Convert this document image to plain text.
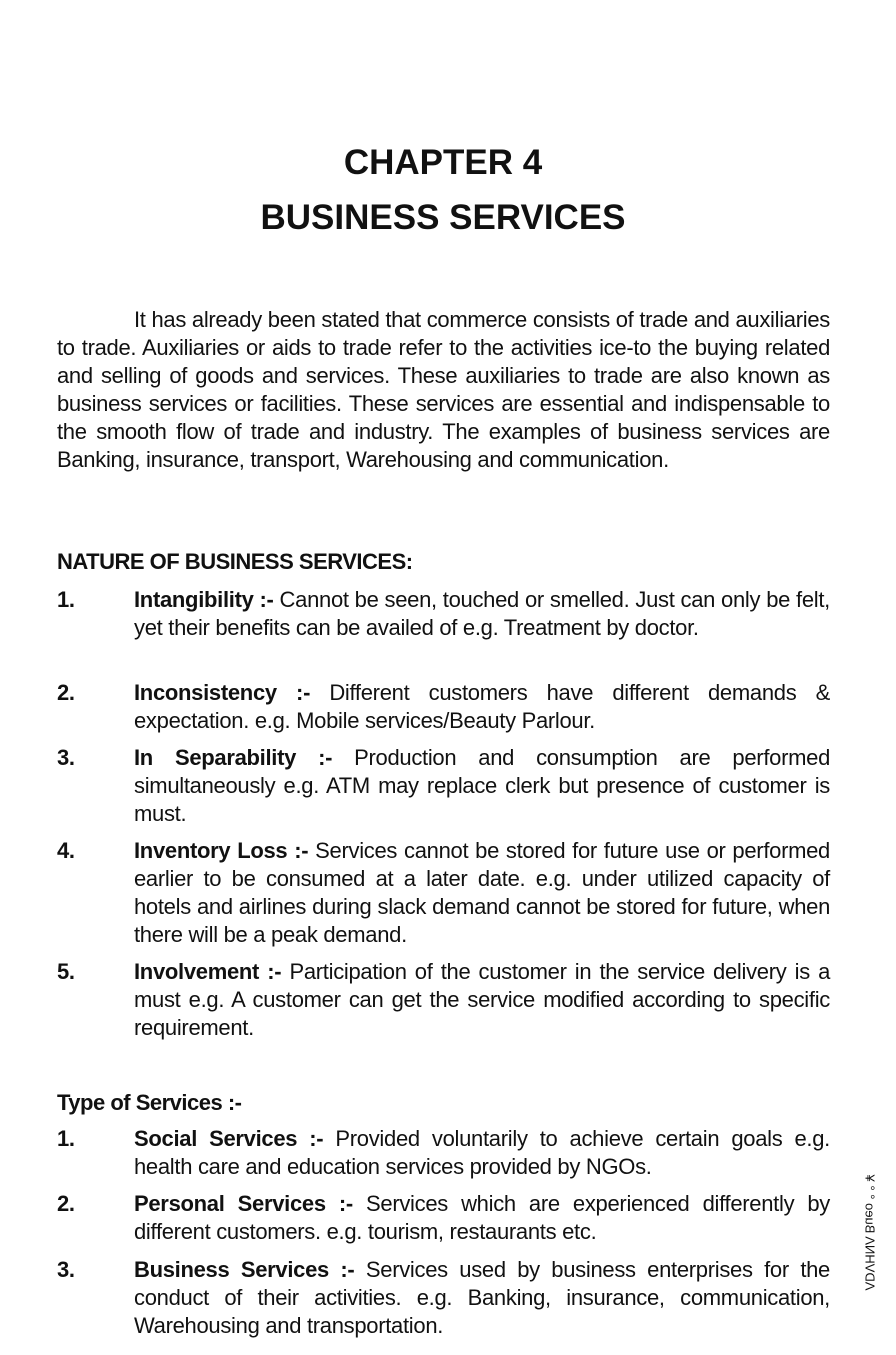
CHAPTER 4
BUSINESS SERVICES
It has already been stated that commerce consists of trade and auxiliaries to trade. Auxiliaries or aids to trade refer to the activities ice-to the buying related and selling of goods and services. These auxiliaries to trade are also known as business services or facilities. These services are essential and indispensable to the smooth flow of trade and industry. The examples of business services are Banking, insurance, transport, Warehousing and communication.
NATURE OF BUSINESS SERVICES:
1.	Intangibility :- Cannot be seen, touched or smelled. Just can only be felt, yet their benefits can be availed of e.g. Treatment by doctor.
2.	Inconsistency :- Different customers have different demands & expectation. e.g. Mobile services/Beauty Parlour.
3.	In Separability :- Production and consumption are performed simultaneously e.g. ATM may replace clerk but presence of customer is must.
4.	Inventory Loss :- Services cannot be stored for future use or performed earlier to be consumed at a later date. e.g. under utilized capacity of hotels and airlines during slack demand cannot be stored for future, when there will be a peak demand.
5.	Involvement :- Participation of the customer in the service delivery is a must e.g. A customer can get the service modified according to specific requirement.
Type of Services :-
1.	Social Services :- Provided voluntarily to achieve certain goals e.g. health care and education services provided by NGOs.
2.	Personal Services :- Services which are experienced differently by different customers. e.g. tourism, restaurants etc.
3.	Business Services :- Services used by business enterprises for the conduct of their activities. e.g. Banking, insurance, communication, Warehousing and transportation.
ΛDVΗΝΛ Bueo ° ° ¥
